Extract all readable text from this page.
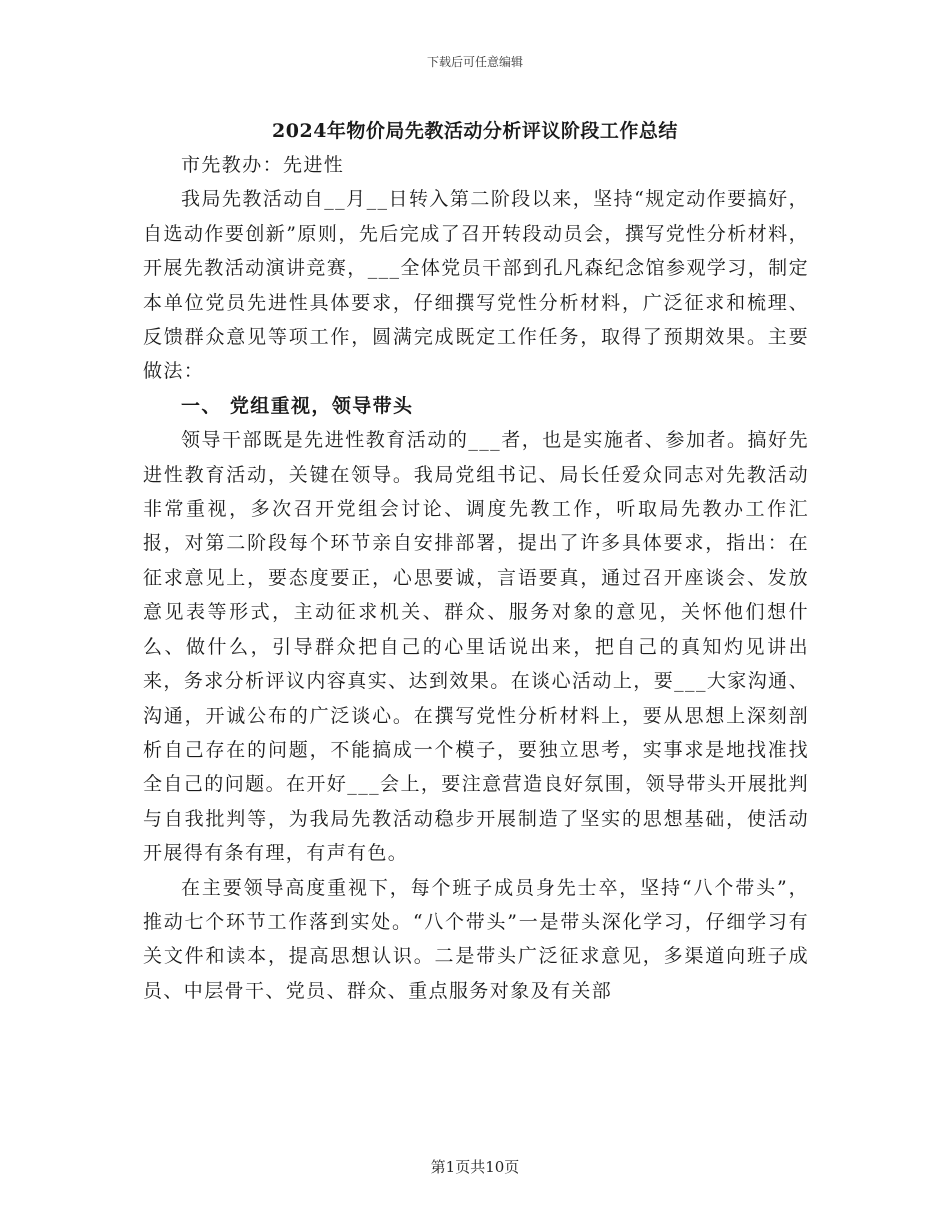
下载后可任意编辑
2024年物价局先教活动分析评议阶段工作总结

市先教办：先进性

我局先教活动自__月__日转入第二阶段以来，坚持“规定动作要搞好，自选动作要创新”原则，先后完成了召开转段动员会，撰写党性分析材料，开展先教活动演讲竞赛，___全体党员干部到孔凡森纪念馆参观学习，制定本单位党员先进性具体要求，仔细撰写党性分析材料，广泛征求和梳理、反馈群众意见等项工作，圆满完成既定工作任务，取得了预期效果。主要做法：

一、 党组重视，领导带头

领导干部既是先进性教育活动的___者，也是实施者、参加者。搞好先进性教育活动，关键在领导。我局党组书记、局长任爱众同志对先教活动非常重视，多次召开党组会讨论、调度先教工作，听取局先教办工作汇报，对第二阶段每个环节亲自安排部署，提出了许多具体要求，指出：在征求意见上，要态度要正，心思要诚，言语要真，通过召开座谈会、发放意见表等形式，主动征求机关、群众、服务对象的意见，关怀他们想什么、做什么，引导群众把自己的心里话说出来，把自己的真知灼见讲出来，务求分析评议内容真实、达到效果。在谈心活动上，要___大家沟通、沟通，开诚公布的广泛谈心。在撰写党性分析材料上，要从思想上深刻剖析自己存在的问题，不能搞成一个模子，要独立思考，实事求是地找准找全自己的问题。在开好___会上，要注意营造良好氛围，领导带头开展批判与自我批判等，为我局先教活动稳步开展制造了坚实的思想基础，使活动开展得有条有理，有声有色。

在主要领导高度重视下，每个班子成员身先士卒，坚持“八个带头”，推动七个环节工作落到实处。“八个带头”一是带头深化学习，仔细学习有关文件和读本，提高思想认识。二是带头广泛征求意见，多渠道向班子成员、中层骨干、党员、群众、重点服务对象及有关部

第1页共10页
